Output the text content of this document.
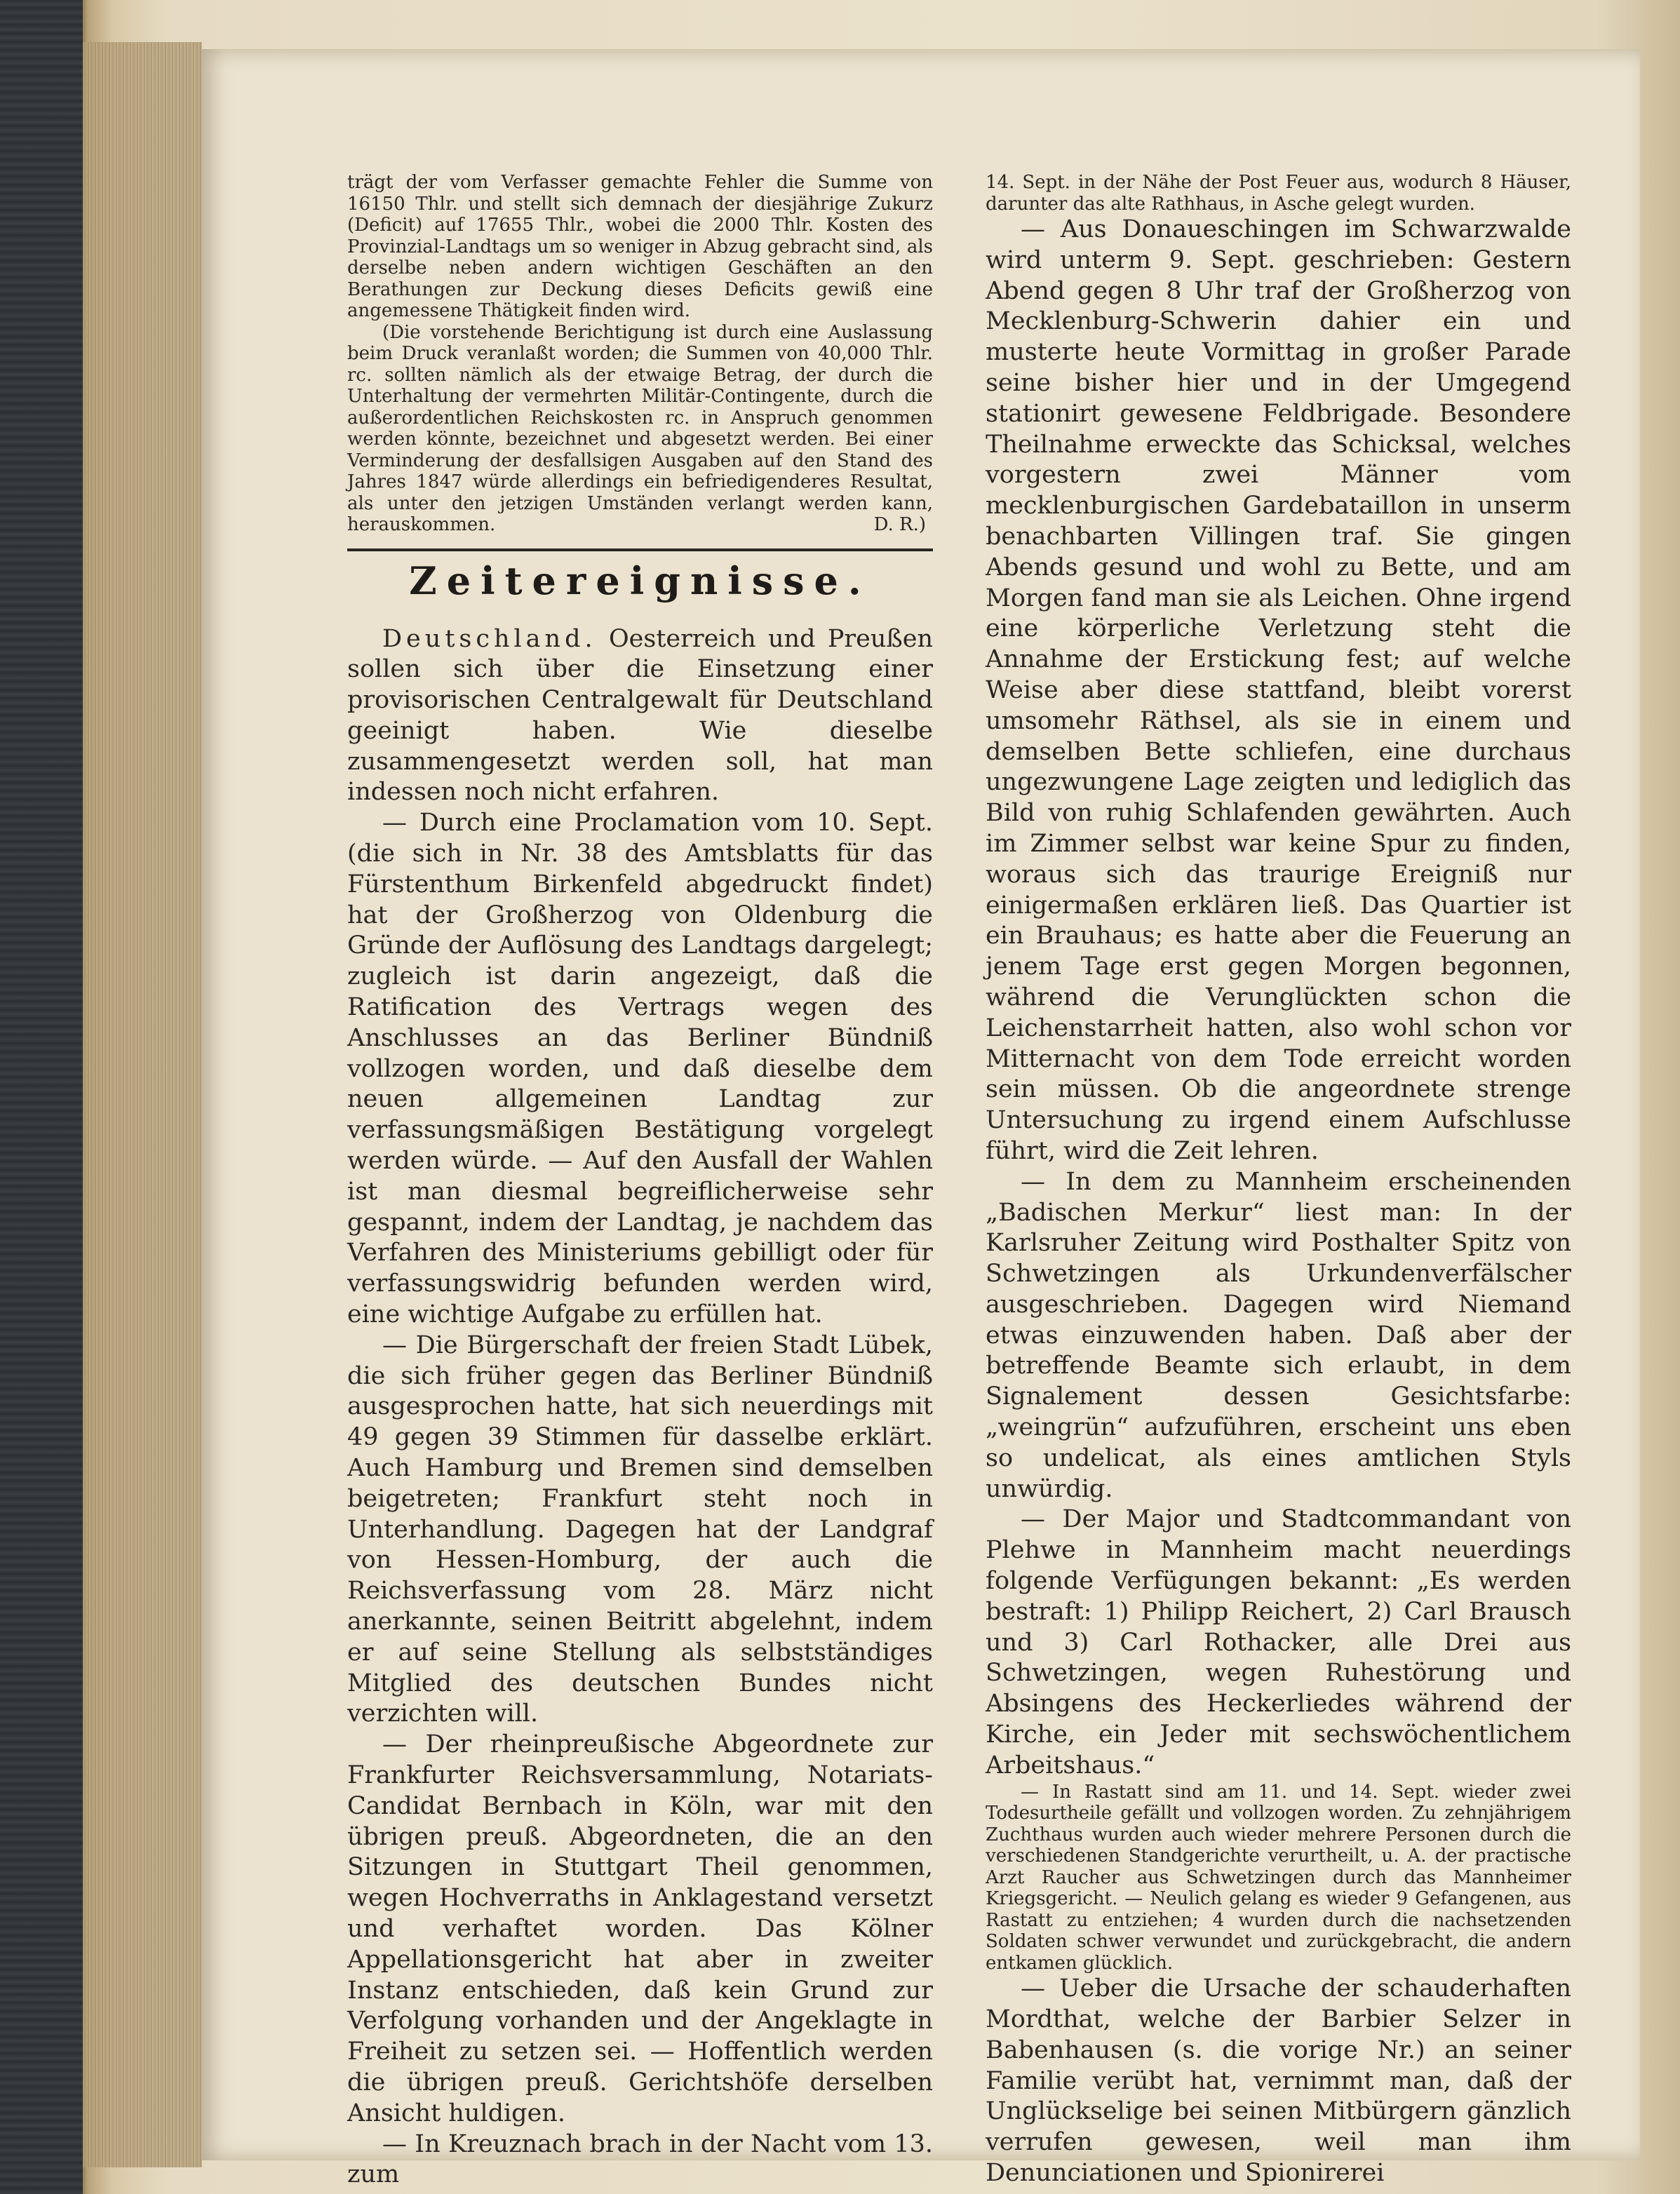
trägt der vom Verfasser gemachte Fehler die Summe von 16150 Thlr. und stellt sich demnach der diesjährige Zukurz (Deficit) auf 17655 Thlr., wobei die 2000 Thlr. Kosten des Provinzial-Landtags um so weniger in Abzug gebracht sind, als derselbe neben andern wichtigen Geschäften an den Berathungen zur Deckung dieses Deficits gewiß eine angemessene Thätigkeit finden wird.

(Die vorstehende Berichtigung ist durch eine Auslassung beim Druck veranlaßt worden; die Summen von 40,000 Thlr. rc. sollten nämlich als der etwaige Betrag, der durch die Unterhaltung der vermehrten Militär-Contingente, durch die außerordentlichen Reichskosten rc. in Anspruch genommen werden könnte, bezeichnet und abgesetzt werden. Bei einer Verminderung der desfallsigen Ausgaben auf den Stand des Jahres 1847 würde allerdings ein befriedigenderes Resultat, als unter den jetzigen Umständen verlangt werden kann, herauskommen.	D. R.)

Zeitereignisse.

Deutschland. Oesterreich und Preußen sollen sich über die Einsetzung einer provisorischen Centralgewalt für Deutschland geeinigt haben. Wie dieselbe zusammengesetzt werden soll, hat man indessen noch nicht erfahren.

— Durch eine Proclamation vom 10. Sept. (die sich in Nr. 38 des Amtsblatts für das Fürstenthum Birkenfeld abgedruckt findet) hat der Großherzog von Oldenburg die Gründe der Auflösung des Landtags dargelegt; zugleich ist darin angezeigt, daß die Ratification des Vertrags wegen des Anschlusses an das Berliner Bündniß vollzogen worden, und daß dieselbe dem neuen allgemeinen Landtag zur verfassungsmäßigen Bestätigung vorgelegt werden würde. — Auf den Ausfall der Wahlen ist man diesmal begreiflicherweise sehr gespannt, indem der Landtag, je nachdem das Verfahren des Ministeriums gebilligt oder für verfassungswidrig befunden werden wird, eine wichtige Aufgabe zu erfüllen hat.

— Die Bürgerschaft der freien Stadt Lübek, die sich früher gegen das Berliner Bündniß ausgesprochen hatte, hat sich neuerdings mit 49 gegen 39 Stimmen für dasselbe erklärt. Auch Hamburg und Bremen sind demselben beigetreten; Frankfurt steht noch in Unterhandlung. Dagegen hat der Landgraf von Hessen-Homburg, der auch die Reichsverfassung vom 28. März nicht anerkannte, seinen Beitritt abgelehnt, indem er auf seine Stellung als selbstständiges Mitglied des deutschen Bundes nicht verzichten will.

— Der rheinpreußische Abgeordnete zur Frankfurter Reichsversammlung, Notariats-Candidat Bernbach in Köln, war mit den übrigen preuß. Abgeordneten, die an den Sitzungen in Stuttgart Theil genommen, wegen Hochverraths in Anklagestand versetzt und verhaftet worden. Das Kölner Appellationsgericht hat aber in zweiter Instanz entschieden, daß kein Grund zur Verfolgung vorhanden und der Angeklagte in Freiheit zu setzen sei. — Hoffentlich werden die übrigen preuß. Gerichtshöfe derselben Ansicht huldigen.

— In Kreuznach brach in der Nacht vom 13. zum

14. Sept. in der Nähe der Post Feuer aus, wodurch 8 Häuser, darunter das alte Rathhaus, in Asche gelegt wurden.

— Aus Donaueschingen im Schwarzwalde wird unterm 9. Sept. geschrieben: Gestern Abend gegen 8 Uhr traf der Großherzog von Mecklenburg-Schwerin dahier ein und musterte heute Vormittag in großer Parade seine bisher hier und in der Umgegend stationirt gewesene Feldbrigade. Besondere Theilnahme erweckte das Schicksal, welches vorgestern zwei Männer vom mecklenburgischen Gardebataillon in unserm benachbarten Villingen traf. Sie gingen Abends gesund und wohl zu Bette, und am Morgen fand man sie als Leichen. Ohne irgend eine körperliche Verletzung steht die Annahme der Erstickung fest; auf welche Weise aber diese stattfand, bleibt vorerst umsomehr Räthsel, als sie in einem und demselben Bette schliefen, eine durchaus ungezwungene Lage zeigten und lediglich das Bild von ruhig Schlafenden gewährten. Auch im Zimmer selbst war keine Spur zu finden, woraus sich das traurige Ereigniß nur einigermaßen erklären ließ. Das Quartier ist ein Brauhaus; es hatte aber die Feuerung an jenem Tage erst gegen Morgen begonnen, während die Verunglückten schon die Leichenstarrheit hatten, also wohl schon vor Mitternacht von dem Tode erreicht worden sein müssen. Ob die angeordnete strenge Untersuchung zu irgend einem Aufschlusse führt, wird die Zeit lehren.

— In dem zu Mannheim erscheinenden „Badischen Merkur“ liest man: In der Karlsruher Zeitung wird Posthalter Spitz von Schwetzingen als Urkundenverfälscher ausgeschrieben. Dagegen wird Niemand etwas einzuwenden haben. Daß aber der betreffende Beamte sich erlaubt, in dem Signalement dessen Gesichtsfarbe: „weingrün“ aufzuführen, erscheint uns eben so undelicat, als eines amtlichen Styls unwürdig.

— Der Major und Stadtcommandant von Plehwe in Mannheim macht neuerdings folgende Verfügungen bekannt: „Es werden bestraft: 1) Philipp Reichert, 2) Carl Brausch und 3) Carl Rothacker, alle Drei aus Schwetzingen, wegen Ruhestörung und Absingens des Heckerliedes während der Kirche, ein Jeder mit sechswöchentlichem Arbeitshaus.“

— In Rastatt sind am 11. und 14. Sept. wieder zwei Todesurtheile gefällt und vollzogen worden. Zu zehnjährigem Zuchthaus wurden auch wieder mehrere Personen durch die verschiedenen Standgerichte verurtheilt, u. A. der practische Arzt Raucher aus Schwetzingen durch das Mannheimer Kriegsgericht. — Neulich gelang es wieder 9 Gefangenen, aus Rastatt zu entziehen; 4 wurden durch die nachsetzenden Soldaten schwer verwundet und zurückgebracht, die andern entkamen glücklich.

— Ueber die Ursache der schauderhaften Mordthat, welche der Barbier Selzer in Babenhausen (s. die vorige Nr.) an seiner Familie verübt hat, vernimmt man, daß der Unglückselige bei seinen Mitbürgern gänzlich verrufen gewesen, weil man ihm Denunciationen und Spionirerei
